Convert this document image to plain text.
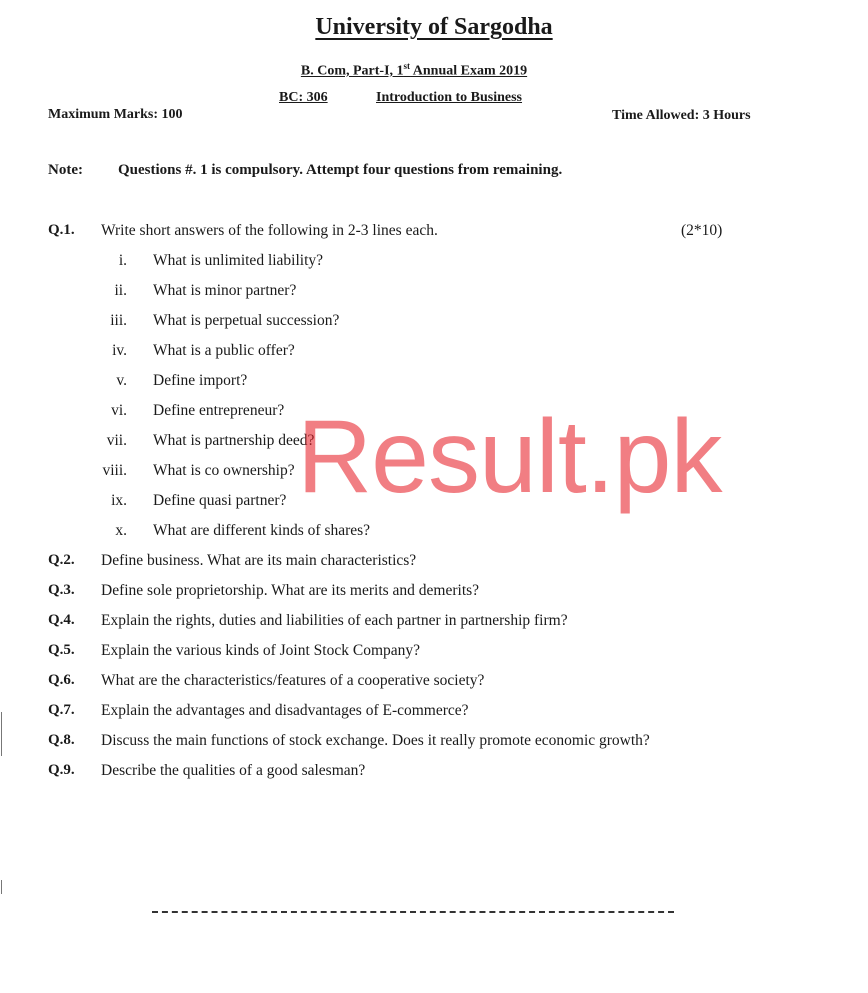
University of Sargodha
B. Com, Part-I, 1st Annual Exam 2019
BC: 306	Introduction to Business
Maximum Marks: 100	Time Allowed: 3 Hours
Note: Questions #. 1 is compulsory. Attempt four questions from remaining.
Q.1. Write short answers of the following in 2-3 lines each.	(2*10)
i. What is unlimited liability?
ii. What is minor partner?
iii. What is perpetual succession?
iv. What is a public offer?
v. Define import?
vi. Define entrepreneur?
vii. What is partnership deed?
viii. What is co ownership?
ix. Define quasi partner?
x. What are different kinds of shares?
Q.2. Define business. What are its main characteristics?
Q.3. Define sole proprietorship. What are its merits and demerits?
Q.4. Explain the rights, duties and liabilities of each partner in partnership firm?
Q.5. Explain the various kinds of Joint Stock Company?
Q.6. What are the characteristics/features of a cooperative society?
Q.7. Explain the advantages and disadvantages of E-commerce?
Q.8. Discuss the main functions of stock exchange. Does it really promote economic growth?
Q.9. Describe the qualities of a good salesman?
Result.pk
